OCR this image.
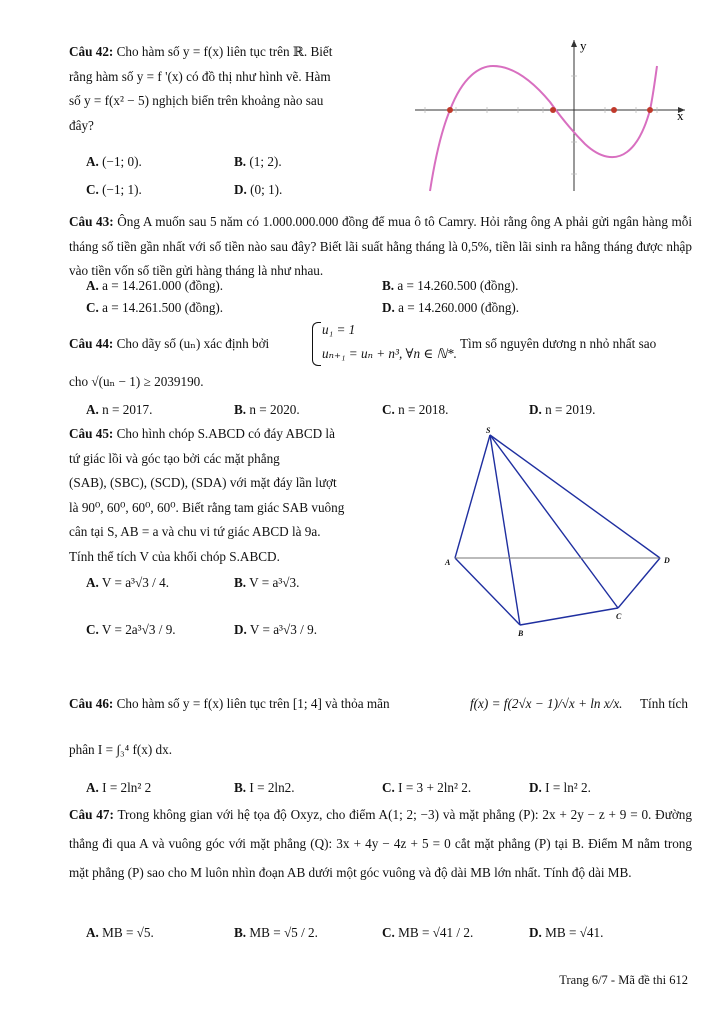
Câu 42: Cho hàm số y = f(x) liên tục trên ℝ. Biết
rằng hàm số y = f '(x) có đồ thị như hình vẽ. Hàm
số y = f(x² − 5) nghịch biến trên khoảng nào sau
đây?
A. (−1; 0).	B. (1; 2).
C. (−1; 1).	D. (0; 1).
x
y
Câu 43: Ông A muốn sau 5 năm có 1.000.000.000 đồng để mua ô tô Camry. Hỏi rằng ông A phải gửi ngân hàng mỗi tháng số tiền gần nhất với số tiền nào sau đây? Biết lãi suất hằng tháng là 0,5%, tiền lãi sinh ra hằng tháng được nhập vào tiền vốn số tiền gửi hàng tháng là như nhau.
A. a = 14.261.000 (đồng).	B. a = 14.260.500 (đồng).
C. a = 14.261.500 (đồng).	D. a = 14.260.000 (đồng).
Câu 44: Cho dãy số (uₙ) xác định bởi
u₁ = 1
uₙ₊₁ = uₙ + n³, ∀n ∈ ℕ*.
Tìm số nguyên dương n nhỏ nhất sao
cho √(uₙ − 1) ≥ 2039190.
A. n = 2017.	B. n = 2020.	C. n = 2018.	D. n = 2019.
Câu 45: Cho hình chóp S.ABCD có đáy ABCD là
tứ giác lồi và góc tạo bởi các mặt phẳng
(SAB), (SBC), (SCD), (SDA) với mặt đáy lần lượt
là 90⁰, 60⁰, 60⁰, 60⁰. Biết rằng tam giác SAB vuông
cân tại S, AB = a và chu vi tứ giác ABCD là 9a.
Tính thể tích V của khối chóp S.ABCD.
A. V = a³√3 / 4.	B. V = a³√3.
C. V = 2a³√3 / 9.	D. V = a³√3 / 9.
S
A
B
C
D
Câu 46: Cho hàm số y = f(x) liên tục trên [1; 4] và thỏa mãn	f(x) = f(2√x − 1)/√x + ln x/x. Tính tích
phân I = ∫₃⁴ f(x) dx.
A. I = 2ln² 2	B. I = 2ln2.	C. I = 3 + 2ln² 2.	D. I = ln² 2.
Câu 47: Trong không gian với hệ tọa độ Oxyz, cho điểm A(1; 2; −3) và mặt phẳng (P): 2x + 2y − z + 9 = 0. Đường thẳng đi qua A và vuông góc với mặt phẳng (Q): 3x + 4y − 4z + 5 = 0 cắt mặt phẳng (P) tại B. Điểm M nằm trong mặt phẳng (P) sao cho M luôn nhìn đoạn AB dưới một góc vuông và độ dài MB lớn nhất. Tính độ dài MB.
A. MB = √5.	B. MB = √5 / 2.	C. MB = √41 / 2.	D. MB = √41.
Trang 6/7 - Mã đề thi 612
